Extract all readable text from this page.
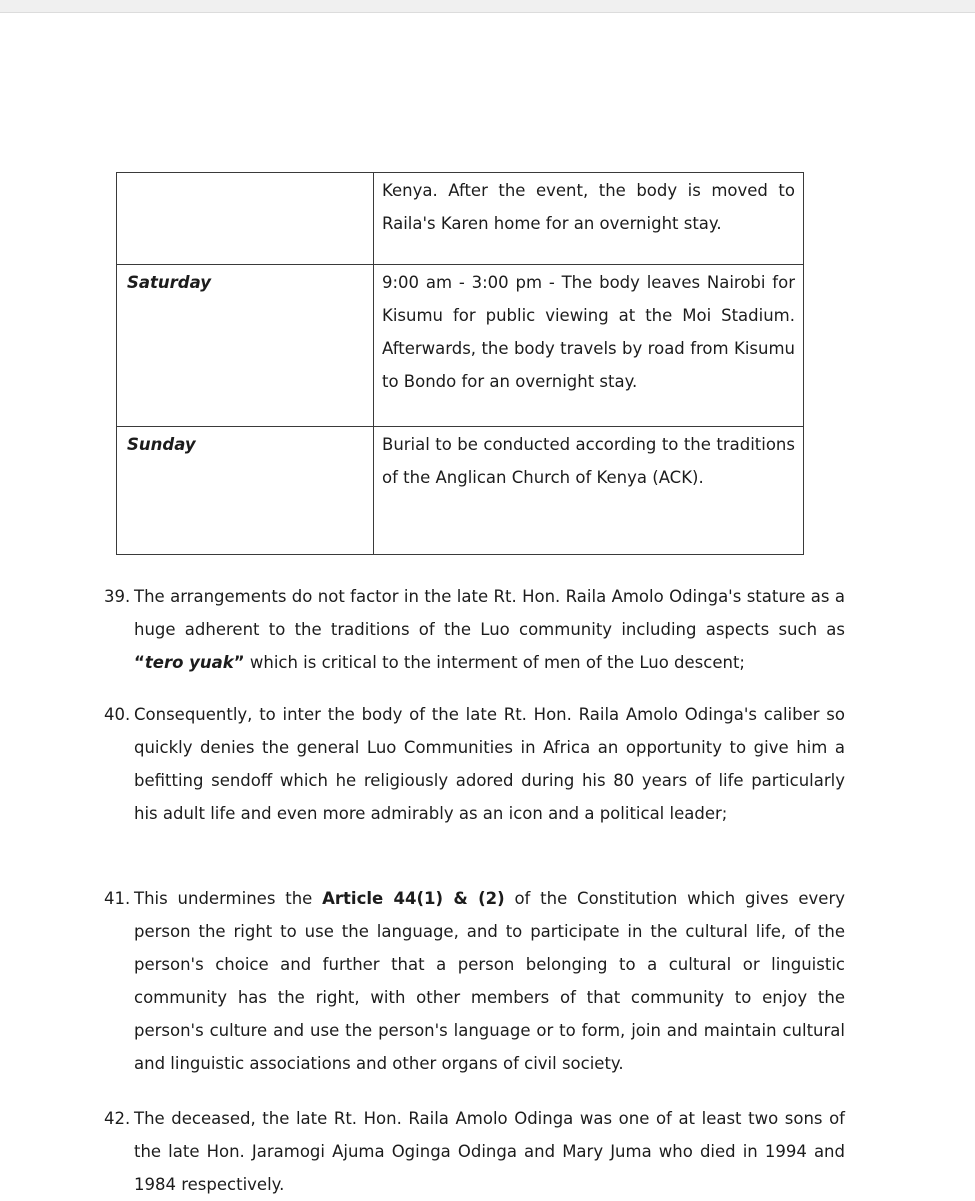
	Kenya. After the event, the body is moved to Raila's Karen home for an overnight stay.
Saturday	9:00 am - 3:00 pm - The body leaves Nairobi for Kisumu for public viewing at the Moi Stadium. Afterwards, the body travels by road from Kisumu to Bondo for an overnight stay.
Sunday	Burial to be conducted according to the traditions of the Anglican Church of Kenya (ACK).
39. The arrangements do not factor in the late Rt. Hon. Raila Amolo Odinga's stature as a huge adherent to the traditions of the Luo community including aspects such as “tero yuak” which is critical to the interment of men of the Luo descent;
40. Consequently, to inter the body of the late Rt. Hon. Raila Amolo Odinga's caliber so quickly denies the general Luo Communities in Africa an opportunity to give him a befitting sendoff which he religiously adored during his 80 years of life particularly his adult life and even more admirably as an icon and a political leader;
41. This undermines the Article 44(1) & (2) of the Constitution which gives every person the right to use the language, and to participate in the cultural life, of the person's choice and further that a person belonging to a cultural or linguistic community has the right, with other members of that community to enjoy the person's culture and use the person's language or to form, join and maintain cultural and linguistic associations and other organs of civil society.
42. The deceased, the late Rt. Hon. Raila Amolo Odinga was one of at least two sons of the late Hon. Jaramogi Ajuma Oginga Odinga and Mary Juma who died in 1994 and 1984 respectively.
